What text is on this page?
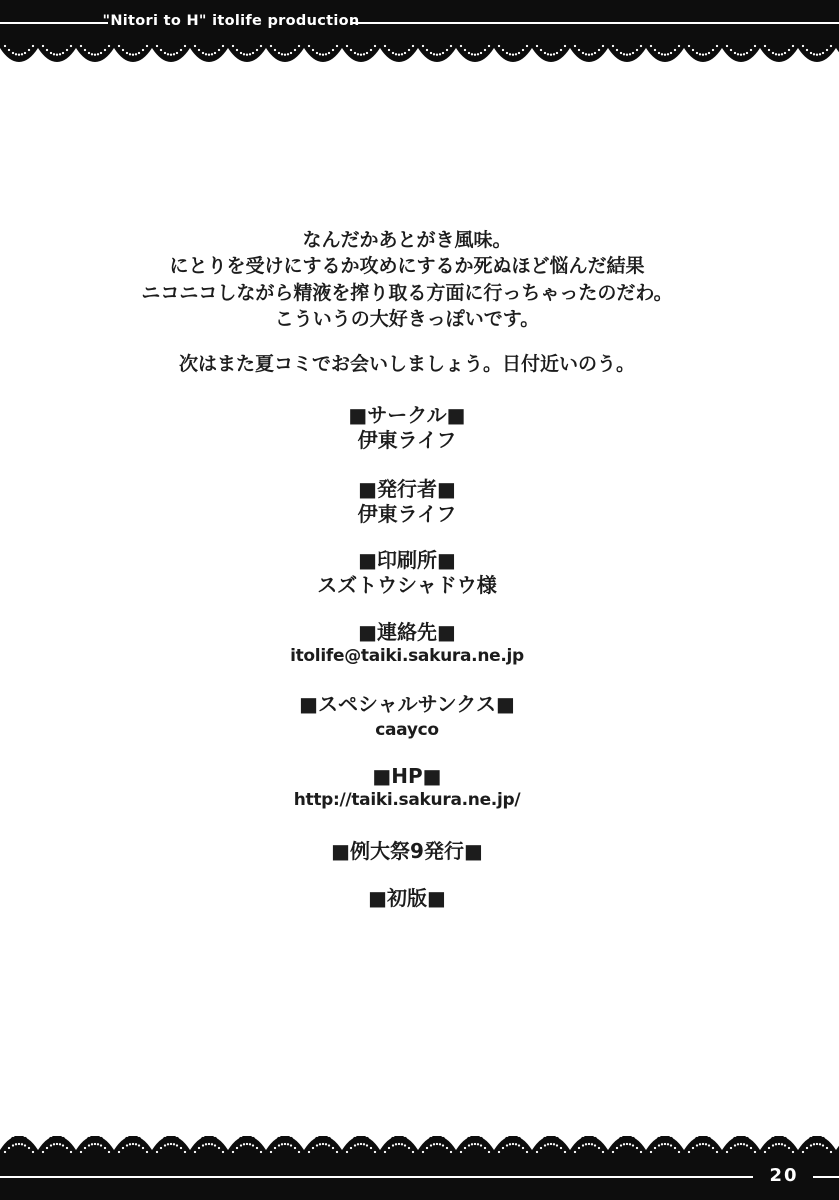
"Nitori to H" itolife production
なんだかあとがき風味。
にとりを受けにするか攻めにするか死ぬほど悩んだ結果
ニコニコしながら精液を搾り取る方面に行っちゃったのだわ。
こういうの大好きっぽいです。
次はまた夏コミでお会いしましょう。日付近いのう。
■サークル■
伊東ライフ
■発行者■
伊東ライフ
■印刷所■
スズトウシャドウ様
■連絡先■
itolife@taiki.sakura.ne.jp
■スペシャルサンクス■
caayco
■HP■
http://taiki.sakura.ne.jp/
■例大祭9発行■
■初版■
20
